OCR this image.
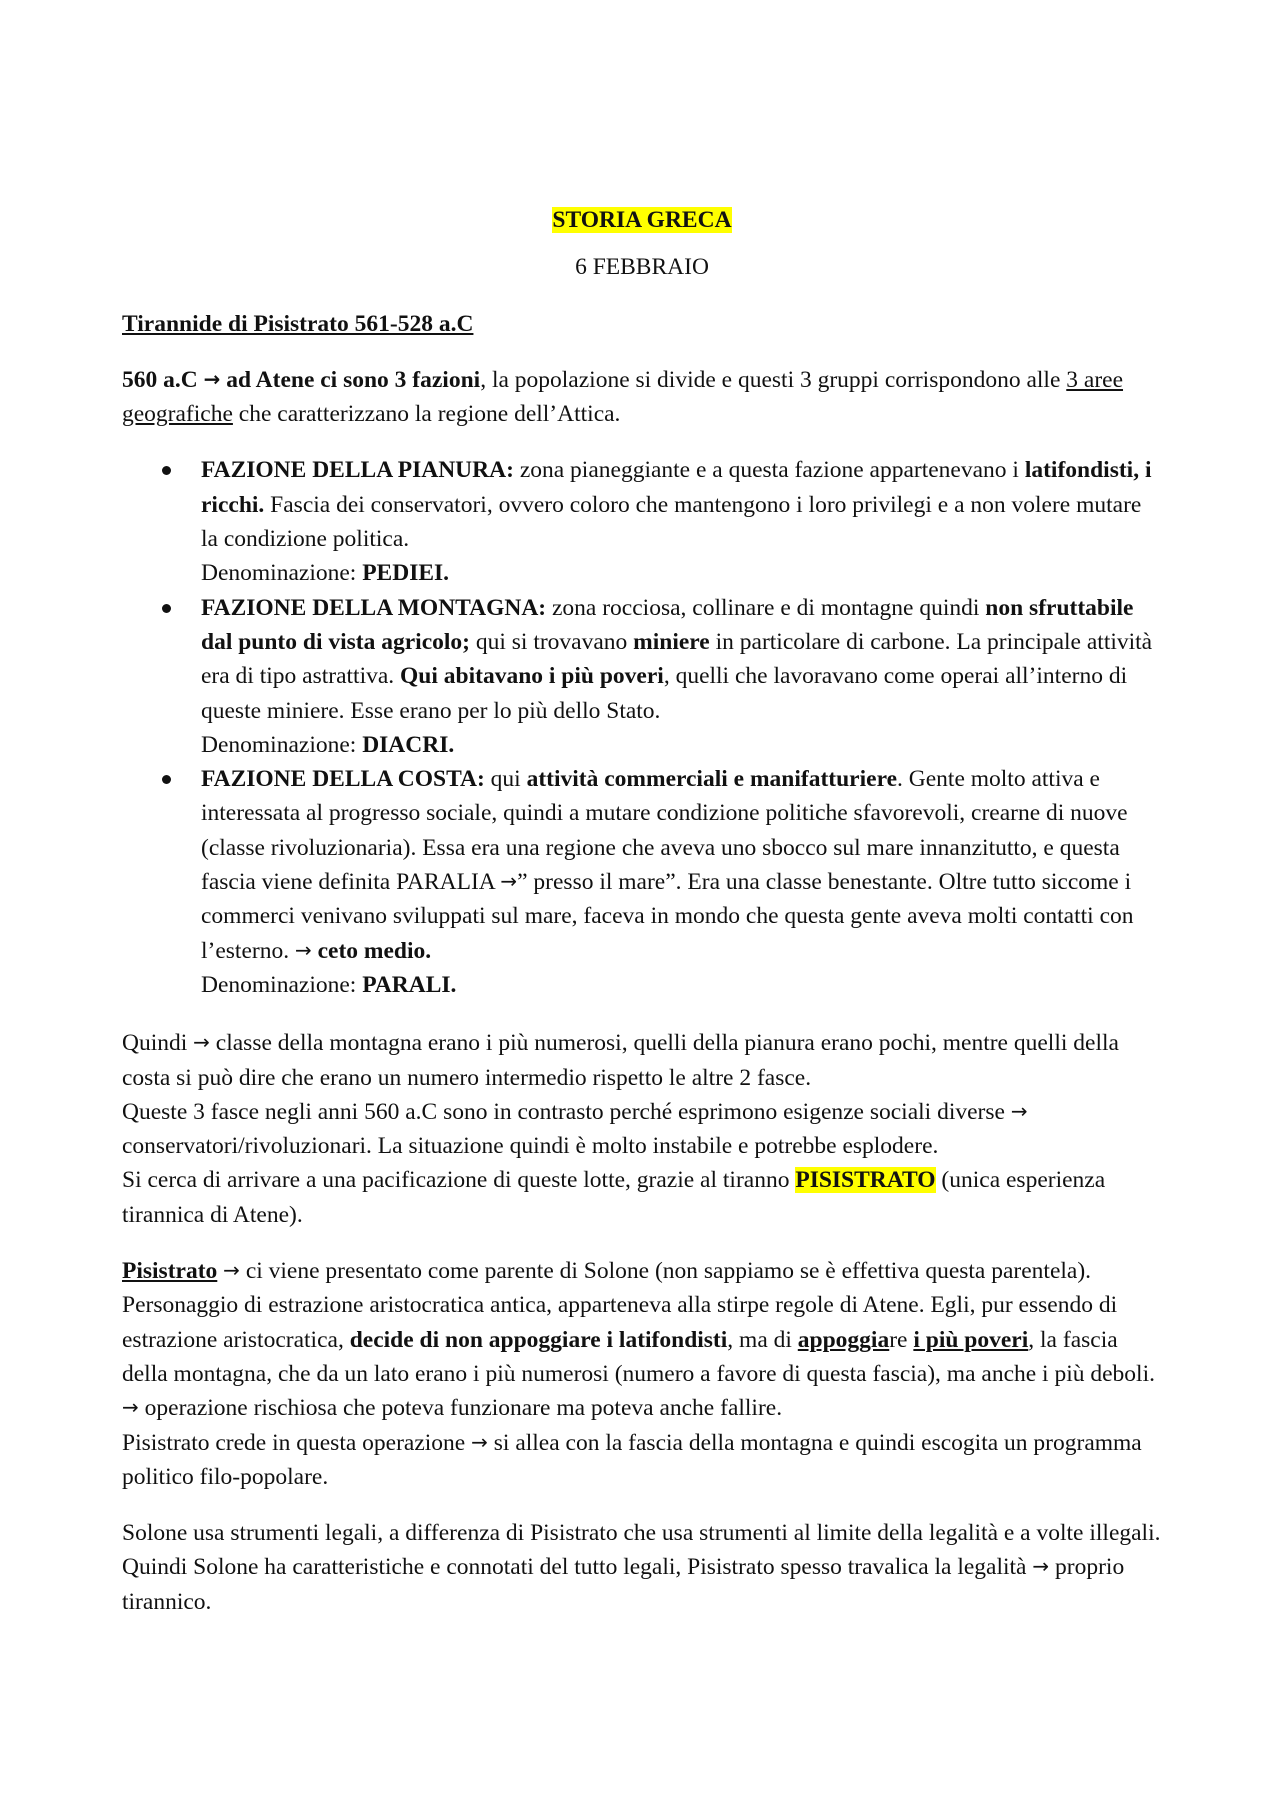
STORIA GRECA

6 FEBBRAIO

Tirannide di Pisistrato 561-528 a.C

560 a.C → ad Atene ci sono 3 fazioni, la popolazione si divide e questi 3 gruppi corrispondono alle 3 aree geografiche che caratterizzano la regione dell’Attica.

FAZIONE DELLA PIANURA: zona pianeggiante e a questa fazione appartenevano i latifondisti, i ricchi. Fascia dei conservatori, ovvero coloro che mantengono i loro privilegi e a non volere mutare la condizione politica.
Denominazione: PEDIEI.
FAZIONE DELLA MONTAGNA: zona rocciosa, collinare e di montagne quindi non sfruttabile dal punto di vista agricolo; qui si trovavano miniere in particolare di carbone. La principale attività era di tipo astrattiva. Qui abitavano i più poveri, quelli che lavoravano come operai all’interno di queste miniere. Esse erano per lo più dello Stato.
Denominazione: DIACRI.
FAZIONE DELLA COSTA: qui attività commerciali e manifatturiere. Gente molto attiva e interessata al progresso sociale, quindi a mutare condizione politiche sfavorevoli, crearne di nuove (classe rivoluzionaria). Essa era una regione che aveva uno sbocco sul mare innanzitutto, e questa fascia viene definita PARALIA →” presso il mare”. Era una classe benestante. Oltre tutto siccome i commerci venivano sviluppati sul mare, faceva in mondo che questa gente aveva molti contatti con l’esterno. → ceto medio.
Denominazione: PARALI.

Quindi → classe della montagna erano i più numerosi, quelli della pianura erano pochi, mentre quelli della costa si può dire che erano un numero intermedio rispetto le altre 2 fasce.
Queste 3 fasce negli anni 560 a.C sono in contrasto perché esprimono esigenze sociali diverse → conservatori/rivoluzionari. La situazione quindi è molto instabile e potrebbe esplodere.
Si cerca di arrivare a una pacificazione di queste lotte, grazie al tiranno PISISTRATO (unica esperienza tirannica di Atene).

Pisistrato → ci viene presentato come parente di Solone (non sappiamo se è effettiva questa parentela). Personaggio di estrazione aristocratica antica, apparteneva alla stirpe regole di Atene. Egli, pur essendo di estrazione aristocratica, decide di non appoggiare i latifondisti, ma di appoggiare i più poveri, la fascia della montagna, che da un lato erano i più numerosi (numero a favore di questa fascia), ma anche i più deboli. → operazione rischiosa che poteva funzionare ma poteva anche fallire.
Pisistrato crede in questa operazione → si allea con la fascia della montagna e quindi escogita un programma politico filo-popolare.

Solone usa strumenti legali, a differenza di Pisistrato che usa strumenti al limite della legalità e a volte illegali. Quindi Solone ha caratteristiche e connotati del tutto legali, Pisistrato spesso travalica la legalità → proprio tirannico.
